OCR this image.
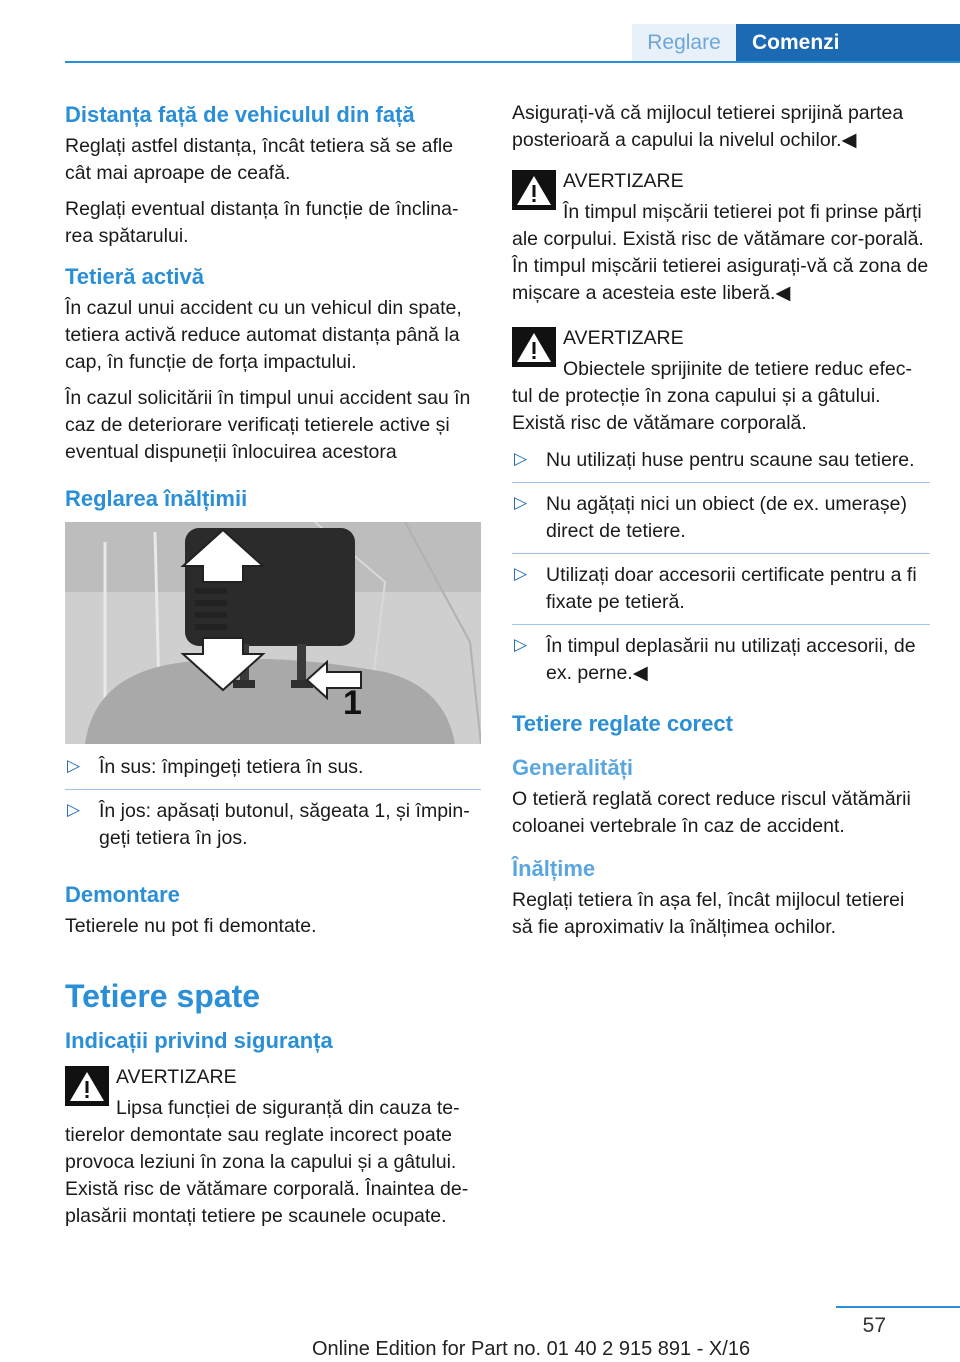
Reglare	Comenzi
Distanța față de vehiculul din față

Reglați astfel distanța, încât tetiera să se afle cât mai aproape de ceafă.

Reglați eventual distanța în funcție de înclina‐rea spătarului.

Tetieră activă

În cazul unui accident cu un vehicul din spate, tetiera activă reduce automat distanța până la cap, în funcție de forța impactului.

În cazul solicitării în timpul unui accident sau în caz de deteriorare verificați tetierele active și eventual dispuneții înlocuirea acestora

Reglarea înălțimii
1
▷ În sus: împingeți tetiera în sus.
▷ În jos: apăsați butonul, săgeata 1, și împin‐geți tetiera în jos.
Demontare

Tetierele nu pot fi demontate.

Tetiere spate
Indicații privind siguranța

AVERTIZARE

Lipsa funcției de siguranță din cauza te‐tierelor demontate sau reglate incorect poate provoca leziuni în zona la capului și a gâtului. Există risc de vătămare corporală. Înaintea de‐plasării montați tetiere pe scaunele ocupate.

Asigurați-vă că mijlocul tetierei sprijină partea posterioară a capului la nivelul ochilor.◀

AVERTIZARE

În timpul mișcării tetierei pot fi prinse părți ale corpului. Există risc de vătămare cor‐porală. În timpul mișcării tetierei asigurați-vă că zona de mișcare a acesteia este liberă.◀

AVERTIZARE

Obiectele sprijinite de tetiere reduc efec‐tul de protecție în zona capului și a gâtului. Există risc de vătămare corporală.

▷ Nu utilizați huse pentru scaune sau tetiere.
▷ Nu agățați nici un obiect (de ex. umerașe) direct de tetiere.
▷ Utilizați doar accesorii certificate pentru a fi fixate pe tetieră.
▷ În timpul deplasării nu utilizați accesorii, de ex. perne.◀
Tetiere reglate corect
Generalități

O tetieră reglată corect reduce riscul vătămării coloanei vertebrale în caz de accident.

Înălțime

Reglați tetiera în așa fel, încât mijlocul tetierei să fie aproximativ la înălțimea ochilor.

57
Online Edition for Part no. 01 40 2 915 891 - X/16
